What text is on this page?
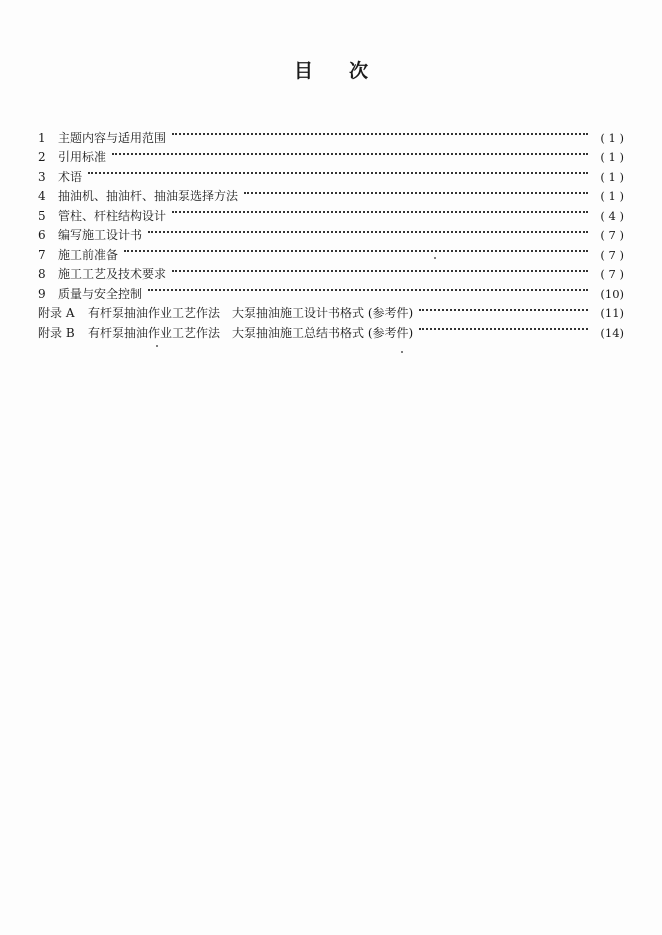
目 次
1	主题内容与适用范围	( 1 )
2	引用标准	( 1 )
3	术语	( 1 )
4	抽油机、抽油杆、抽油泵选择方法	( 1 )
5	管柱、杆柱结构设计	( 4 )
6	编写施工设计书	( 7 )
7	施工前准备	( 7 )
8	施工工艺及技术要求	( 7 )
9	质量与安全控制	(10)
附录 A	有杆泵抽油作业工艺作法　大泵抽油施工设计书格式 (参考件)	(11)
附录 B	有杆泵抽油作业工艺作法　大泵抽油施工总结书格式 (参考件)	(14)
